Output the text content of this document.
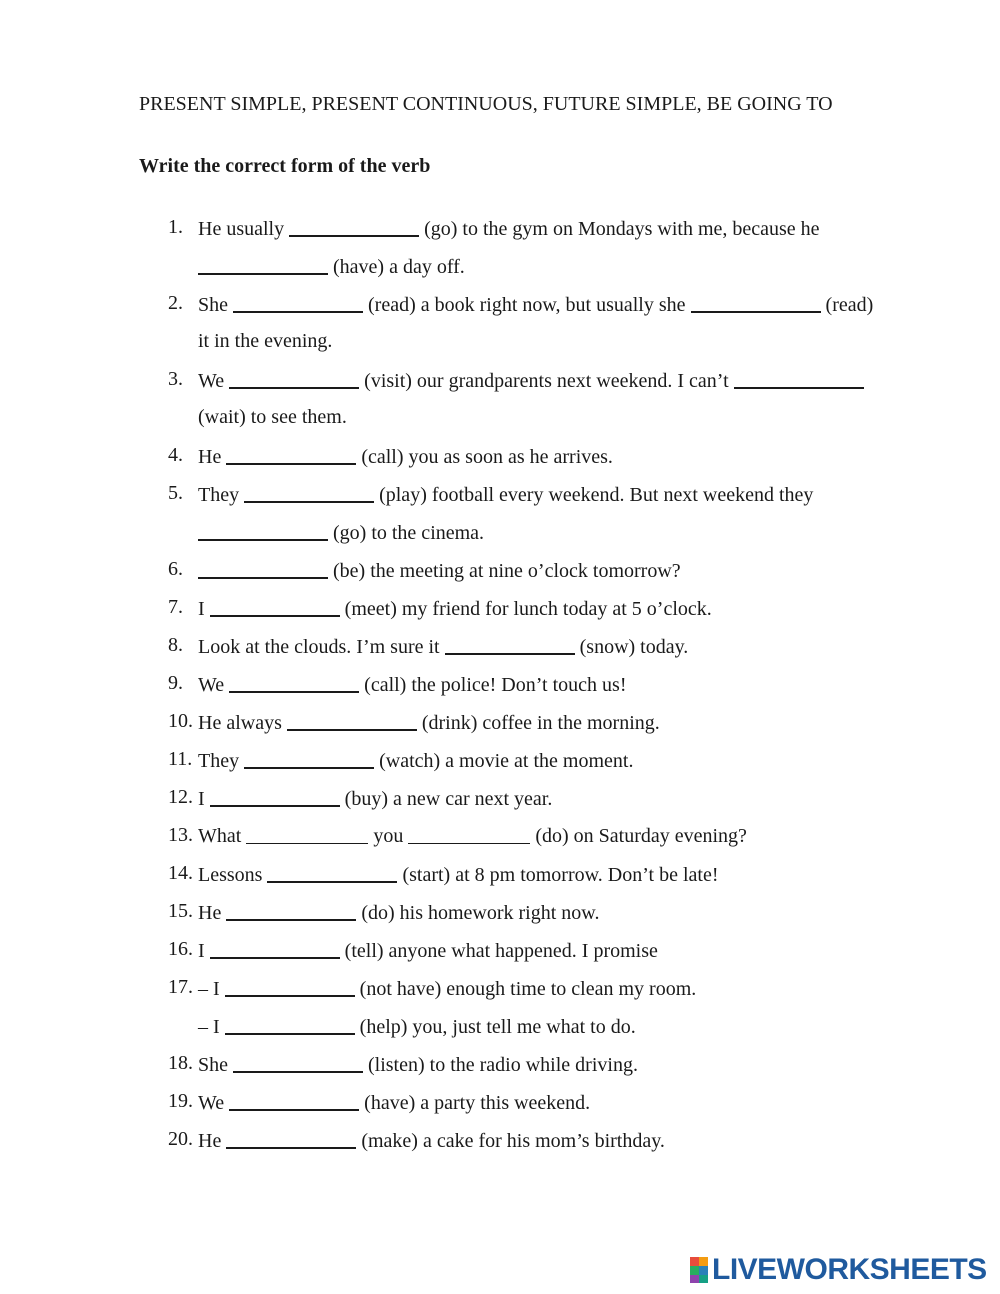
PRESENT SIMPLE, PRESENT CONTINUOUS, FUTURE SIMPLE, BE GOING TO
Write the correct form of the verb
1. He usually	(go) to the gym on Mondays with me, because he
(have) a day off.
2. She	(read) a book right now, but usually she	(read)
it in the evening.
3. We	(visit) our grandparents next weekend. I can’t
(wait) to see them.
4. He	(call) you as soon as he arrives.
5. They	(play) football every weekend. But next weekend they
(go) to the cinema.
6.	(be) the meeting at nine o’clock tomorrow?
7. I	(meet) my friend for lunch today at 5 o’clock.
8. Look at the clouds. I’m sure it	(snow) today.
9. We	(call) the police! Don’t touch us!
10. He always	(drink) coffee in the morning.
11. They	(watch) a movie at the moment.
12. I	(buy) a new car next year.
13. What	you	(do) on Saturday evening?
14. Lessons	(start) at 8 pm tomorrow. Don’t be late!
15. He	(do) his homework right now.
16. I	(tell) anyone what happened. I promise
17. – I	(not have) enough time to clean my room.
– I	(help) you, just tell me what to do.
18. She	(listen) to the radio while driving.
19. We	(have) a party this weekend.
20. He	(make) a cake for his mom’s birthday.
LIVEWORKSHEETS
